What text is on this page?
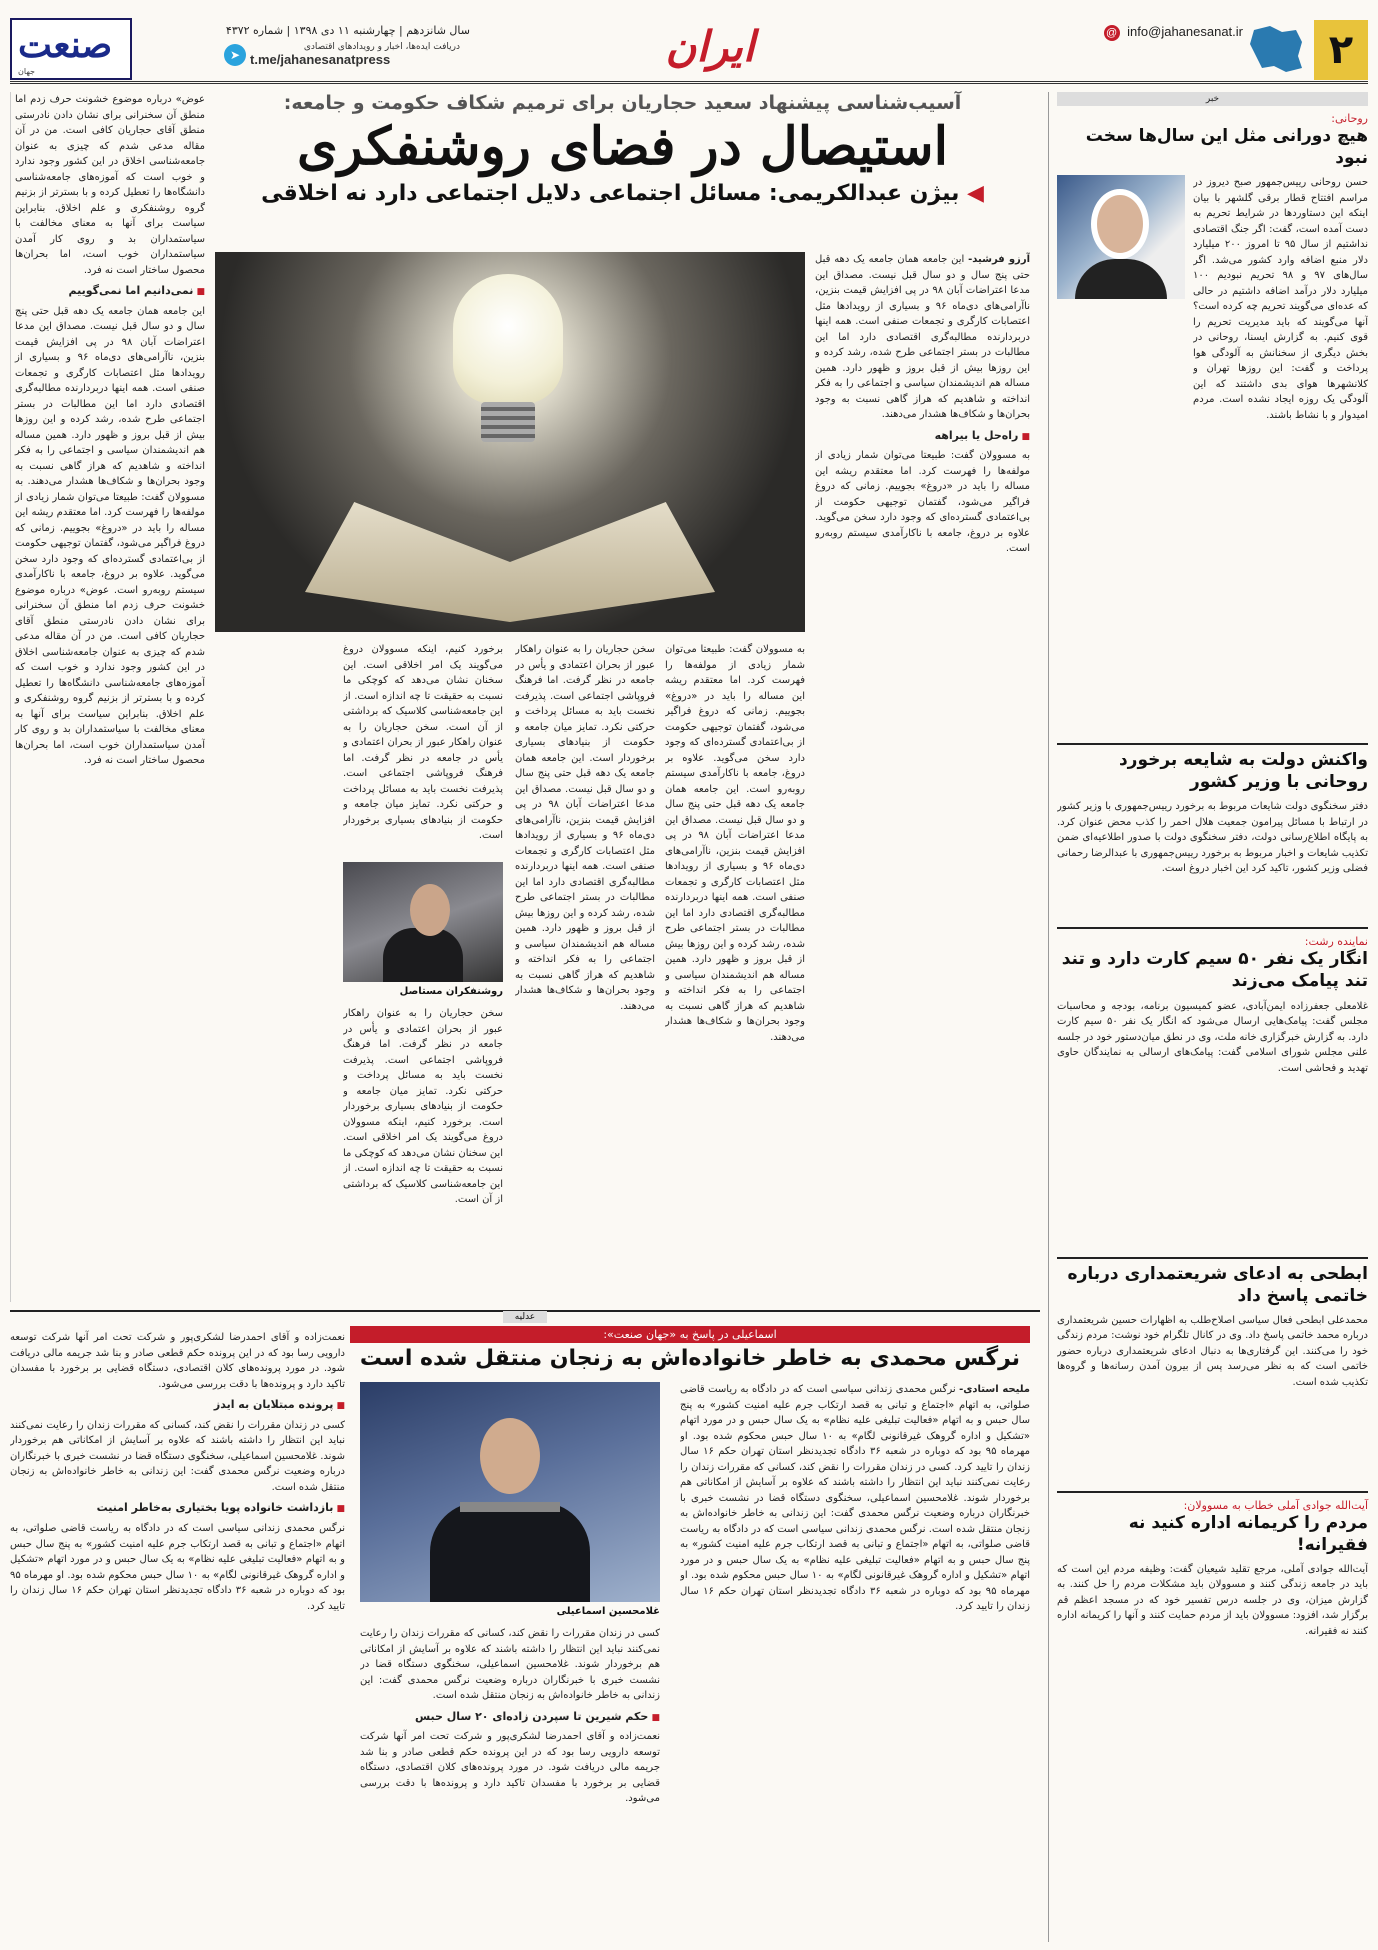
۲
@ info@jahanesanat.ir
ایران
➤
دریافت ایده‌ها، اخبار و رویدادهای اقتصادی
t.me/jahanesanatpress
سال شانزدهم | چهارشنبه ۱۱ دی ۱۳۹۸ | شماره ۴۳۷۲
صنعت
جهان
خبر
روحانی:
هیچ دورانی مثل این سال‌ها سخت نبود
حسن روحانی رییس‌جمهور صبح دیروز در مراسم افتتاح قطار برقی گلشهر با بیان اینکه این دستاوردها در شرایط تحریم به دست آمده است، گفت: اگر جنگ اقتصادی نداشتیم از سال ۹۵ تا امروز ۲۰۰ میلیارد دلار منبع اضافه وارد کشور می‌شد. اگر سال‌های ۹۷ و ۹۸ تحریم نبودیم ۱۰۰ میلیارد دلار درآمد اضافه داشتیم در حالی که عده‌ای می‌گویند تحریم چه کرده است؟ آنها می‌گویند که باید مدیریت تحریم را قوی کنیم. به گزارش ایسنا، روحانی در بخش دیگری از سخنانش به آلودگی هوا پرداخت و گفت: این روزها تهران و کلانشهرها هوای بدی داشتند که این آلودگی یک روزه ایجاد نشده است. مردم امیدوار و با نشاط باشند.
واکنش دولت به شایعه برخورد روحانی با وزیر کشور
دفتر سخنگوی دولت شایعات مربوط به برخورد رییس‌جمهوری با وزیر کشور در ارتباط با مسائل پیرامون جمعیت هلال احمر را کذب محض عنوان کرد. به پایگاه اطلاع‌رسانی دولت، دفتر سخنگوی دولت با صدور اطلاعیه‌ای ضمن تکذیب شایعات و اخبار مربوط به برخورد رییس‌جمهوری با عبدالرضا رحمانی فضلی وزیر کشور، تاکید کرد این اخبار دروغ است.
نماینده رشت:
انگار یک نفر ۵۰ سیم کارت دارد و تند تند پیامک می‌زند
غلامعلی جعفرزاده ایمن‌آبادی، عضو کمیسیون برنامه، بودجه و محاسبات مجلس گفت: پیامک‌هایی ارسال می‌شود که انگار یک نفر ۵۰ سیم کارت دارد. به گزارش خبرگزاری خانه ملت، وی در نطق میان‌دستور خود در جلسه علنی مجلس شورای اسلامی گفت: پیامک‌های ارسالی به نمایندگان حاوی تهدید و فحاشی است.
ابطحی به ادعای شریعتمداری درباره خاتمی پاسخ داد
محمدعلی ابطحی فعال سیاسی اصلاح‌طلب به اظهارات حسین شریعتمداری درباره محمد خاتمی پاسخ داد. وی در کانال تلگرام خود نوشت: مردم زندگی خود را می‌کنند. این گرفتاری‌ها به دنبال ادعای شریعتمداری درباره حضور خاتمی است که به نظر می‌رسد پس از بیرون آمدن رسانه‌ها و گروه‌ها تکذیب شده است.
آیت‌الله جوادی آملی خطاب به مسوولان:
مردم را کریمانه اداره کنید نه فقیرانه!
آیت‌الله جوادی آملی، مرجع تقلید شیعیان گفت: وظیفه مردم این است که باید در جامعه زندگی کنند و مسوولان باید مشکلات مردم را حل کنند. به گزارش میزان، وی در جلسه درس تفسیر خود که در مسجد اعظم قم برگزار شد، افزود: مسوولان باید از مردم حمایت کنند و آنها را کریمانه اداره کنند نه فقیرانه.
آسیب‌شناسی پیشنهاد سعید حجاریان برای ترمیم شکاف حکومت و جامعه:
استیصال در فضای روشنفکری
◀ بیژن عبدالکریمی: مسائل اجتماعی دلایل اجتماعی دارد نه اخلاقی
آرزو فرشید- این جامعه همان جامعه یک دهه قبل حتی پنج سال و دو سال قبل نیست. مصداق این مدعا اعتراضات آبان ۹۸ در پی افزایش قیمت بنزین، ناآرامی‌های دی‌ماه ۹۶ و بسیاری از رویدادها مثل اعتصابات کارگری و تجمعات صنفی است. همه اینها دربردارنده مطالبه‌گری اقتصادی دارد اما این مطالبات در بستر اجتماعی طرح شده، رشد کرده و این روزها بیش از قبل بروز و ظهور دارد. همین مساله هم اندیشمندان سیاسی و اجتماعی را به فکر انداخته و شاهدیم که هراز گاهی نسبت به وجود بحران‌ها و شکاف‌ها هشدار می‌دهند.
■ راه‌حل یا بیراهه
به مسوولان گفت: طبیعتا می‌توان شمار زیادی از مولفه‌ها را فهرست کرد. اما معتقدم ریشه این مساله را باید در «دروغ» بجوییم. زمانی که دروغ فراگیر می‌شود، گفتمان توجیهی حکومت از بی‌اعتمادی گسترده‌ای که وجود دارد سخن می‌گوید. علاوه بر دروغ، جامعه با ناکارآمدی سیستم روبه‌رو است.
به مسوولان گفت: طبیعتا می‌توان شمار زیادی از مولفه‌ها را فهرست کرد. اما معتقدم ریشه این مساله را باید در «دروغ» بجوییم. زمانی که دروغ فراگیر می‌شود، گفتمان توجیهی حکومت از بی‌اعتمادی گسترده‌ای که وجود دارد سخن می‌گوید. علاوه بر دروغ، جامعه با ناکارآمدی سیستم روبه‌رو است. این جامعه همان جامعه یک دهه قبل حتی پنج سال و دو سال قبل نیست. مصداق این مدعا اعتراضات آبان ۹۸ در پی افزایش قیمت بنزین، ناآرامی‌های دی‌ماه ۹۶ و بسیاری از رویدادها مثل اعتصابات کارگری و تجمعات صنفی است. همه اینها دربردارنده مطالبه‌گری اقتصادی دارد اما این مطالبات در بستر اجتماعی طرح شده، رشد کرده و این روزها بیش از قبل بروز و ظهور دارد. همین مساله هم اندیشمندان سیاسی و اجتماعی را به فکر انداخته و شاهدیم که هراز گاهی نسبت به وجود بحران‌ها و شکاف‌ها هشدار می‌دهند.
سخن حجاریان را به عنوان راهکار عبور از بحران اعتمادی و یأس در جامعه در نظر گرفت. اما فرهنگ فروپاشی اجتماعی است. پذیرفت نخست باید به مسائل پرداخت و حرکتی نکرد. تمایز میان جامعه و حکومت از بنیادهای بسیاری برخوردار است. این جامعه همان جامعه یک دهه قبل حتی پنج سال و دو سال قبل نیست. مصداق این مدعا اعتراضات آبان ۹۸ در پی افزایش قیمت بنزین، ناآرامی‌های دی‌ماه ۹۶ و بسیاری از رویدادها مثل اعتصابات کارگری و تجمعات صنفی است. همه اینها دربردارنده مطالبه‌گری اقتصادی دارد اما این مطالبات در بستر اجتماعی طرح شده، رشد کرده و این روزها بیش از قبل بروز و ظهور دارد. همین مساله هم اندیشمندان سیاسی و اجتماعی را به فکر انداخته و شاهدیم که هراز گاهی نسبت به وجود بحران‌ها و شکاف‌ها هشدار می‌دهند.
روشنفکران مستاصل
برخورد کنیم، اینکه مسوولان دروغ می‌گویند یک امر اخلاقی است. این سخنان نشان می‌دهد که کوچکی ما نسبت به حقیقت تا چه اندازه است. از این جامعه‌شناسی کلاسیک که برداشتی از آن است. سخن حجاریان را به عنوان راهکار عبور از بحران اعتمادی و یأس در جامعه در نظر گرفت. اما فرهنگ فروپاشی اجتماعی است. پذیرفت نخست باید به مسائل پرداخت و حرکتی نکرد. تمایز میان جامعه و حکومت از بنیادهای بسیاری برخوردار است.
سخن حجاریان را به عنوان راهکار عبور از بحران اعتمادی و یأس در جامعه در نظر گرفت. اما فرهنگ فروپاشی اجتماعی است. پذیرفت نخست باید به مسائل پرداخت و حرکتی نکرد. تمایز میان جامعه و حکومت از بنیادهای بسیاری برخوردار است. برخورد کنیم، اینکه مسوولان دروغ می‌گویند یک امر اخلاقی است. این سخنان نشان می‌دهد که کوچکی ما نسبت به حقیقت تا چه اندازه است. از این جامعه‌شناسی کلاسیک که برداشتی از آن است.
عوض» درباره موضوع خشونت حرف زدم اما منطق آن سخنرانی برای نشان دادن نادرستی منطق آقای حجاریان کافی است. من در آن مقاله مدعی شدم که چیزی به عنوان جامعه‌شناسی اخلاق در این کشور وجود ندارد و خوب است که آموزه‌های جامعه‌شناسی دانشگاه‌ها را تعطیل کرده و با بسترتر از بزنیم گروه روشنفکری و علم اخلاق. بنابراین سیاست برای آنها به معنای مخالفت با سیاستمداران بد و روی کار آمدن سیاستمداران خوب است، اما بحران‌ها محصول ساختار است نه فرد.
■ نمی‌دانیم اما نمی‌گوییم
این جامعه همان جامعه یک دهه قبل حتی پنج سال و دو سال قبل نیست. مصداق این مدعا اعتراضات آبان ۹۸ در پی افزایش قیمت بنزین، ناآرامی‌های دی‌ماه ۹۶ و بسیاری از رویدادها مثل اعتصابات کارگری و تجمعات صنفی است. همه اینها دربردارنده مطالبه‌گری اقتصادی دارد اما این مطالبات در بستر اجتماعی طرح شده، رشد کرده و این روزها بیش از قبل بروز و ظهور دارد. همین مساله هم اندیشمندان سیاسی و اجتماعی را به فکر انداخته و شاهدیم که هراز گاهی نسبت به وجود بحران‌ها و شکاف‌ها هشدار می‌دهند. به مسوولان گفت: طبیعتا می‌توان شمار زیادی از مولفه‌ها را فهرست کرد. اما معتقدم ریشه این مساله را باید در «دروغ» بجوییم. زمانی که دروغ فراگیر می‌شود، گفتمان توجیهی حکومت از بی‌اعتمادی گسترده‌ای که وجود دارد سخن می‌گوید. علاوه بر دروغ، جامعه با ناکارآمدی سیستم روبه‌رو است. عوض» درباره موضوع خشونت حرف زدم اما منطق آن سخنرانی برای نشان دادن نادرستی منطق آقای حجاریان کافی است. من در آن مقاله مدعی شدم که چیزی به عنوان جامعه‌شناسی اخلاق در این کشور وجود ندارد و خوب است که آموزه‌های جامعه‌شناسی دانشگاه‌ها را تعطیل کرده و با بسترتر از بزنیم گروه روشنفکری و علم اخلاق. بنابراین سیاست برای آنها به معنای مخالفت با سیاستمداران بد و روی کار آمدن سیاستمداران خوب است، اما بحران‌ها محصول ساختار است نه فرد.
عدلیه
اسماعیلی در پاسخ به «جهان صنعت»:
نرگس محمدی به خاطر خانواده‌اش به زنجان منتقل شده است
غلامحسین اسماعیلی
ملیحه استادی- نرگس محمدی زندانی سیاسی است که در دادگاه به ریاست قاضی صلواتی، به اتهام «اجتماع و تبانی به قصد ارتکاب جرم علیه امنیت کشور» به پنج سال حبس و به اتهام «فعالیت تبلیغی علیه نظام» به یک سال حبس و در مورد اتهام «تشکیل و اداره گروهک غیرقانونی لگام» به ۱۰ سال حبس محکوم شده بود. او مهرماه ۹۵ بود که دوباره در شعبه ۳۶ دادگاه تجدیدنظر استان تهران حکم ۱۶ سال زندان را تایید کرد. کسی در زندان مقررات را نقض کند، کسانی که مقررات زندان را رعایت نمی‌کنند نباید این انتظار را داشته باشند که علاوه بر آسایش از امکاناتی هم برخوردار شوند. غلامحسین اسماعیلی، سخنگوی دستگاه قضا در نشست خبری با خبرنگاران درباره وضعیت نرگس محمدی گفت: این زندانی به خاطر خانواده‌اش به زنجان منتقل شده است. نرگس محمدی زندانی سیاسی است که در دادگاه به ریاست قاضی صلواتی، به اتهام «اجتماع و تبانی به قصد ارتکاب جرم علیه امنیت کشور» به پنج سال حبس و به اتهام «فعالیت تبلیغی علیه نظام» به یک سال حبس و در مورد اتهام «تشکیل و اداره گروهک غیرقانونی لگام» به ۱۰ سال حبس محکوم شده بود. او مهرماه ۹۵ بود که دوباره در شعبه ۳۶ دادگاه تجدیدنظر استان تهران حکم ۱۶ سال زندان را تایید کرد.
کسی در زندان مقررات را نقض کند، کسانی که مقررات زندان را رعایت نمی‌کنند نباید این انتظار را داشته باشند که علاوه بر آسایش از امکاناتی هم برخوردار شوند. غلامحسین اسماعیلی، سخنگوی دستگاه قضا در نشست خبری با خبرنگاران درباره وضعیت نرگس محمدی گفت: این زندانی به خاطر خانواده‌اش به زنجان منتقل شده است.
■ حکم شیرین تا سپردن زاده‌ای ۲۰ سال حبس
نعمت‌زاده و آقای احمدرضا لشکری‌پور و شرکت تحت امر آنها شرکت توسعه دارویی رسا بود که در این پرونده حکم قطعی صادر و بنا شد جریمه مالی دریافت شود. در مورد پرونده‌های کلان اقتصادی، دستگاه قضایی بر برخورد با مفسدان تاکید دارد و پرونده‌ها با دقت بررسی می‌شود.
نعمت‌زاده و آقای احمدرضا لشکری‌پور و شرکت تحت امر آنها شرکت توسعه دارویی رسا بود که در این پرونده حکم قطعی صادر و بنا شد جریمه مالی دریافت شود. در مورد پرونده‌های کلان اقتصادی، دستگاه قضایی بر برخورد با مفسدان تاکید دارد و پرونده‌ها با دقت بررسی می‌شود.
■ پرونده مبتلایان به ایدز
کسی در زندان مقررات را نقض کند، کسانی که مقررات زندان را رعایت نمی‌کنند نباید این انتظار را داشته باشند که علاوه بر آسایش از امکاناتی هم برخوردار شوند. غلامحسین اسماعیلی، سخنگوی دستگاه قضا در نشست خبری با خبرنگاران درباره وضعیت نرگس محمدی گفت: این زندانی به خاطر خانواده‌اش به زنجان منتقل شده است.
■ بازداشت خانواده پویا بختیاری به‌خاطر امنیت
نرگس محمدی زندانی سیاسی است که در دادگاه به ریاست قاضی صلواتی، به اتهام «اجتماع و تبانی به قصد ارتکاب جرم علیه امنیت کشور» به پنج سال حبس و به اتهام «فعالیت تبلیغی علیه نظام» به یک سال حبس و در مورد اتهام «تشکیل و اداره گروهک غیرقانونی لگام» به ۱۰ سال حبس محکوم شده بود. او مهرماه ۹۵ بود که دوباره در شعبه ۳۶ دادگاه تجدیدنظر استان تهران حکم ۱۶ سال زندان را تایید کرد.
